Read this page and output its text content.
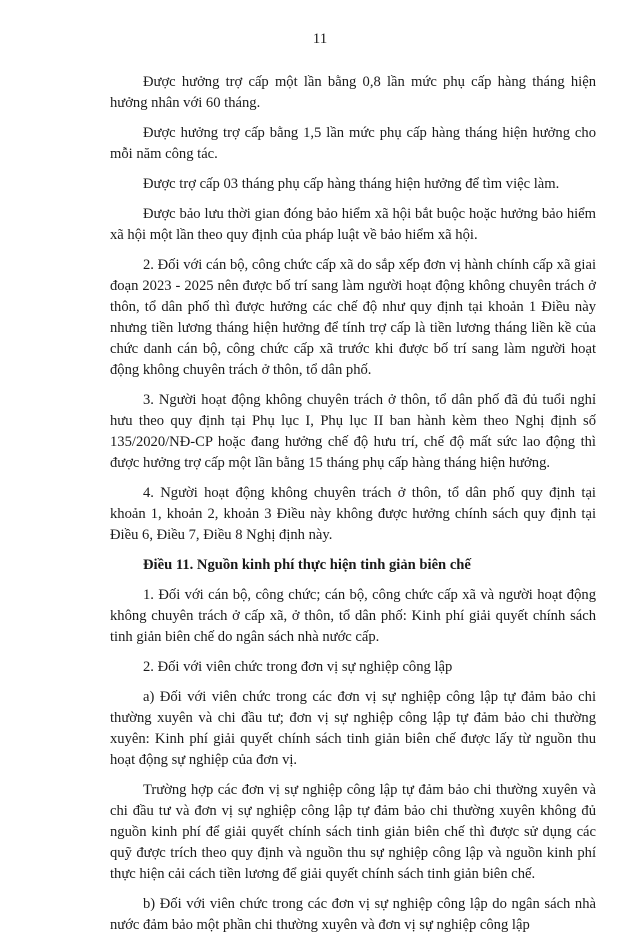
11

Được hưởng trợ cấp một lần bằng 0,8 lần mức phụ cấp hàng tháng hiện hưởng nhân với 60 tháng.

Được hưởng trợ cấp bằng 1,5 lần mức phụ cấp hàng tháng hiện hưởng cho mỗi năm công tác.

Được trợ cấp 03 tháng phụ cấp hàng tháng hiện hưởng để tìm việc làm.

Được bảo lưu thời gian đóng bảo hiểm xã hội bắt buộc hoặc hưởng bảo hiểm xã hội một lần theo quy định của pháp luật về bảo hiểm xã hội.

2. Đối với cán bộ, công chức cấp xã do sắp xếp đơn vị hành chính cấp xã giai đoạn 2023 - 2025 nên được bố trí sang làm người hoạt động không chuyên trách ở thôn, tổ dân phố thì được hưởng các chế độ như quy định tại khoản 1 Điều này nhưng tiền lương tháng hiện hưởng để tính trợ cấp là tiền lương tháng liền kề của chức danh cán bộ, công chức cấp xã trước khi được bố trí sang làm người hoạt động không chuyên trách ở thôn, tổ dân phố.

3. Người hoạt động không chuyên trách ở thôn, tổ dân phố đã đủ tuổi nghỉ hưu theo quy định tại Phụ lục I, Phụ lục II ban hành kèm theo Nghị định số 135/2020/NĐ-CP hoặc đang hưởng chế độ hưu trí, chế độ mất sức lao động thì được hưởng trợ cấp một lần bằng 15 tháng phụ cấp hàng tháng hiện hưởng.

4. Người hoạt động không chuyên trách ở thôn, tổ dân phố quy định tại khoản 1, khoản 2, khoản 3 Điều này không được hưởng chính sách quy định tại Điều 6, Điều 7, Điều 8 Nghị định này.

Điều 11. Nguồn kinh phí thực hiện tinh giản biên chế

1. Đối với cán bộ, công chức; cán bộ, công chức cấp xã và người hoạt động không chuyên trách ở cấp xã, ở thôn, tổ dân phố: Kinh phí giải quyết chính sách tinh giản biên chế do ngân sách nhà nước cấp.

2. Đối với viên chức trong đơn vị sự nghiệp công lập

a) Đối với viên chức trong các đơn vị sự nghiệp công lập tự đảm bảo chi thường xuyên và chi đầu tư; đơn vị sự nghiệp công lập tự đảm bảo chi thường xuyên: Kinh phí giải quyết chính sách tinh giản biên chế được lấy từ nguồn thu hoạt động sự nghiệp của đơn vị.

Trường hợp các đơn vị sự nghiệp công lập tự đảm bảo chi thường xuyên và chi đầu tư và đơn vị sự nghiệp công lập tự đảm bảo chi thường xuyên không đủ nguồn kinh phí để giải quyết chính sách tinh giản biên chế thì được sử dụng các quỹ được trích theo quy định và nguồn thu sự nghiệp công lập và nguồn kinh phí thực hiện cải cách tiền lương để giải quyết chính sách tinh giản biên chế.

b) Đối với viên chức trong các đơn vị sự nghiệp công lập do ngân sách nhà nước đảm bảo một phần chi thường xuyên và đơn vị sự nghiệp công lập
